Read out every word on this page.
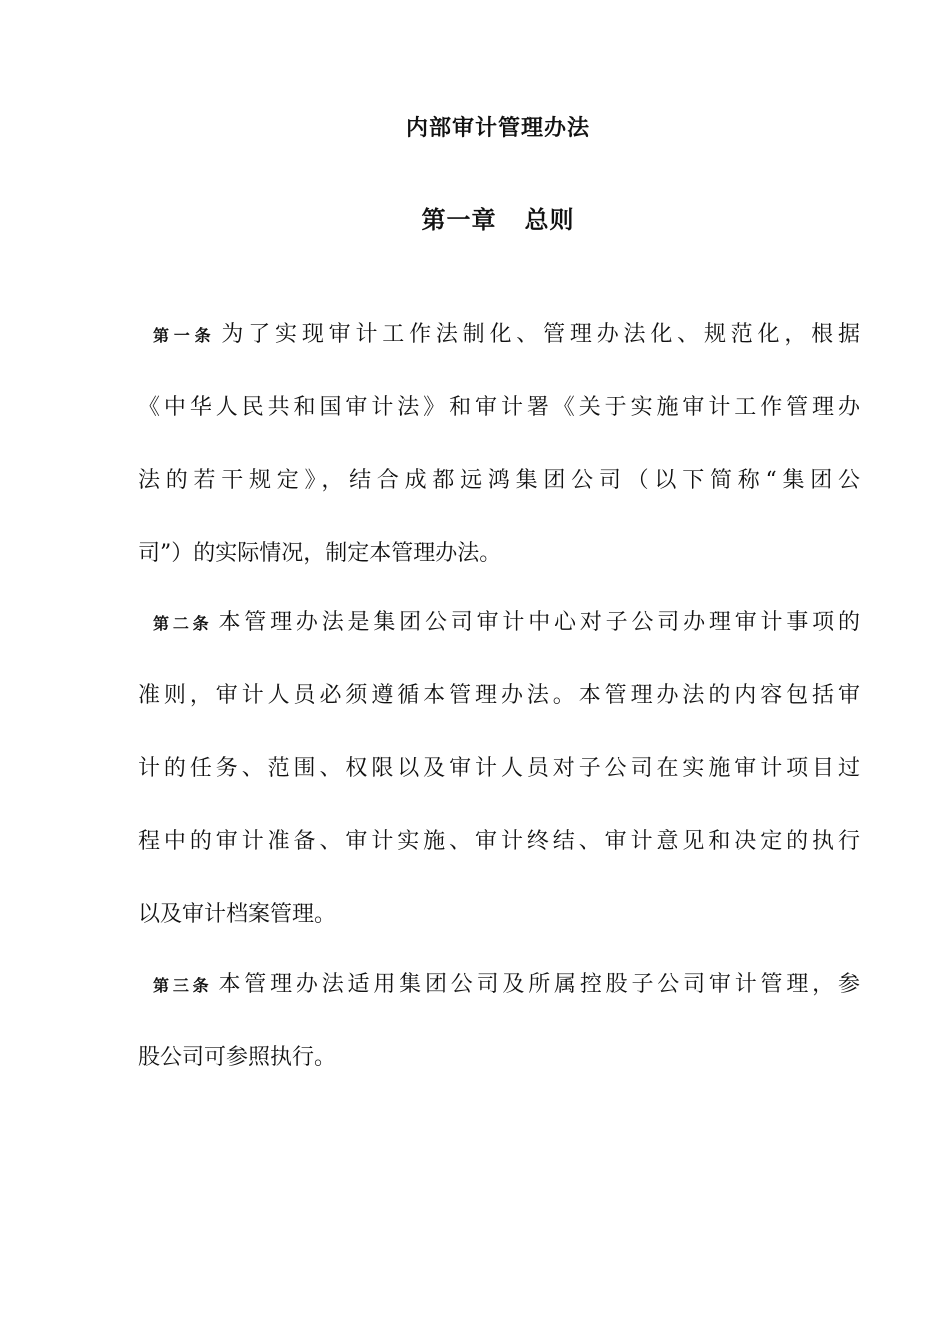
内部审计管理办法
第一章 总则
第一条 为了实现审计工作法制化、管理办法化、规范化，根据
《中华人民共和国审计法》和审计署《关于实施审计工作管理办
法的若干规定》，结合成都远鸿集团公司（以下简称“集团公
司”）的实际情况，制定本管理办法。
第二条 本管理办法是集团公司审计中心对子公司办理审计事项的
准则，审计人员必须遵循本管理办法。本管理办法的内容包括审
计的任务、范围、权限以及审计人员对子公司在实施审计项目过
程中的审计准备、审计实施、审计终结、审计意见和决定的执行
以及审计档案管理。
第三条 本管理办法适用集团公司及所属控股子公司审计管理，参
股公司可参照执行。
